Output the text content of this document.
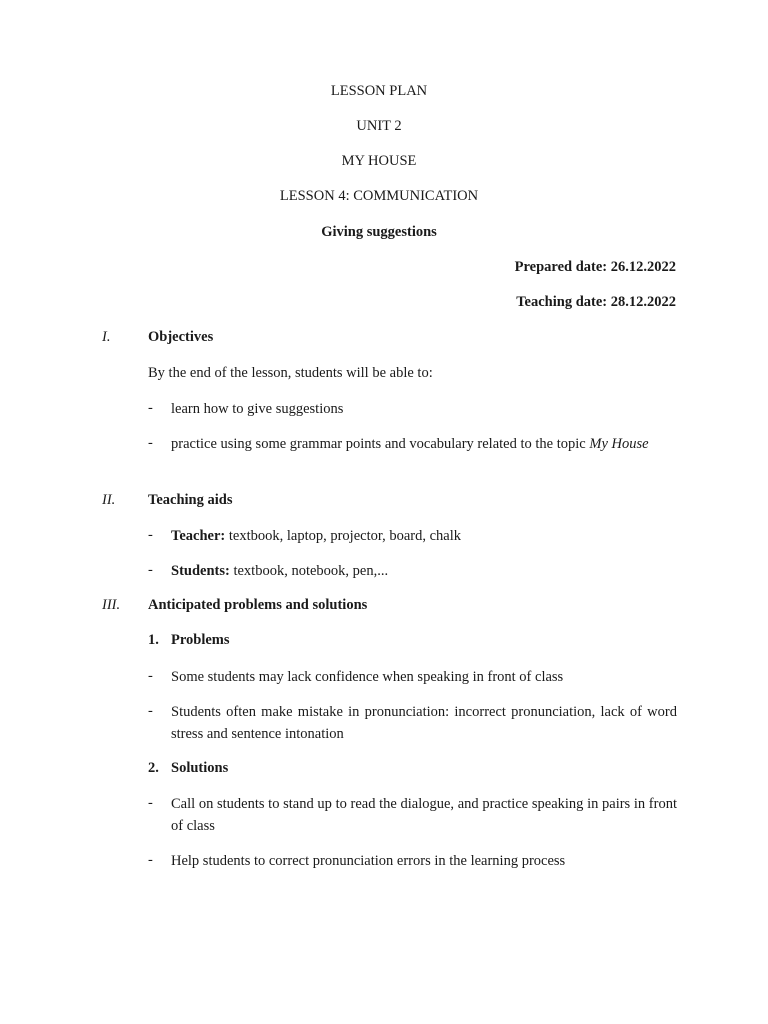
LESSON PLAN
UNIT 2
MY HOUSE
LESSON 4: COMMUNICATION
Giving suggestions
Prepared date: 26.12.2022
Teaching date: 28.12.2022
I.	Objectives
By the end of the lesson, students will be able to:
- learn how to give suggestions
- practice using some grammar points and vocabulary related to the topic My House
II. Teaching aids
- Teacher: textbook, laptop, projector, board, chalk
- Students: textbook, notebook, pen,...
III. Anticipated problems and solutions
1. Problems
- Some students may lack confidence when speaking in front of class
- Students often make mistake in pronunciation: incorrect pronunciation, lack of word stress and sentence intonation
2. Solutions
- Call on students to stand up to read the dialogue, and practice speaking in pairs in front of class
- Help students to correct pronunciation errors in the learning process
